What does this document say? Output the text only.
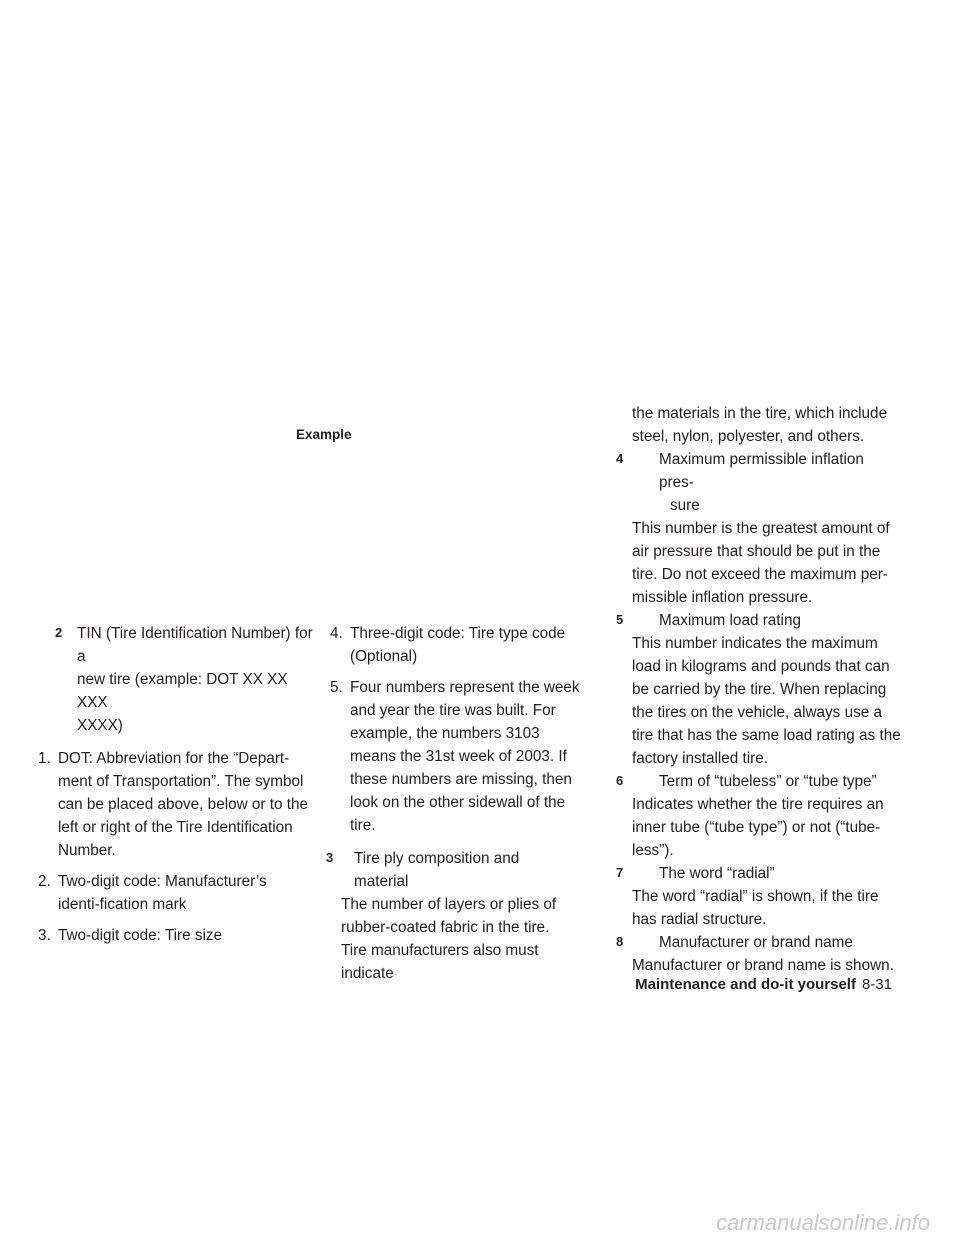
Example
2 TIN (Tire Identification Number) for a
new tire (example: DOT XX XX XXX
XXXX)
1. DOT: Abbreviation for the “Depart-ment of Transportation”. The symbol can be placed above, below or to the left or right of the Tire Identification Number.
2. Two-digit code: Manufacturer’s identi-fication mark
3. Two-digit code: Tire size
4. Three-digit code: Tire type code (Optional)
5. Four numbers represent the week and year the tire was built. For example, the numbers 3103 means the 31st week of 2003. If these numbers are missing, then look on the other sidewall of the tire.
3 Tire ply composition and material
The number of layers or plies of
rubber-coated fabric in the tire.
Tire manufacturers also must indicate
the materials in the tire, which include
steel, nylon, polyester, and others.
4	Maximum permissible inflation pres-
sure
This number is the greatest amount of air pressure that should be put in the tire. Do not exceed the maximum per-missible inflation pressure.
5	Maximum load rating
This number indicates the maximum load in kilograms and pounds that can be carried by the tire. When replacing the tires on the vehicle, always use a tire that has the same load rating as the factory installed tire.
6	Term of “tubeless” or “tube type”
Indicates whether the tire requires an inner tube (“tube type”) or not (“tube-less”).
7	The word “radial”
The word “radial” is shown, if the tire has radial structure.
8	Manufacturer or brand name
Manufacturer or brand name is shown.
Maintenance and do-it yourself 8-31
carmanualsonline.info
